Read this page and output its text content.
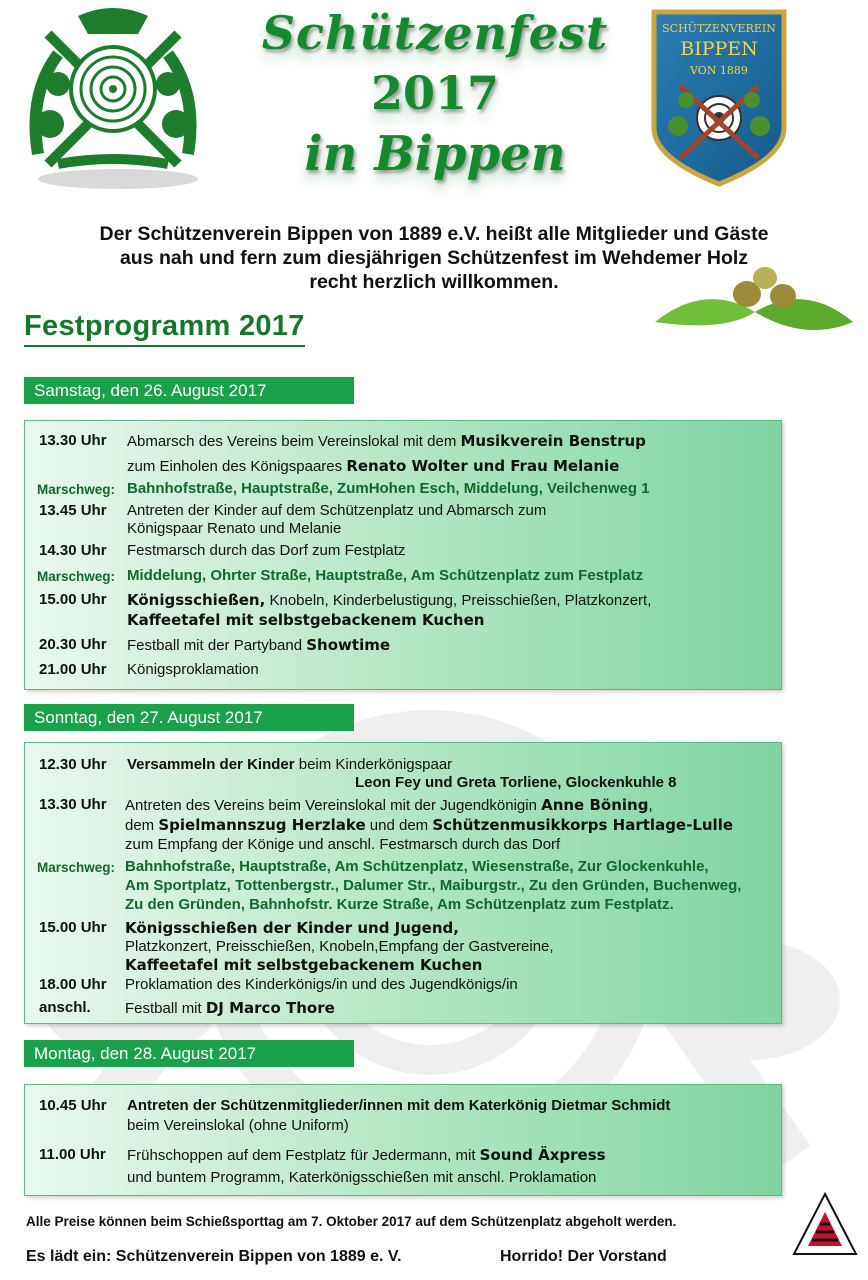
Schützenfest
2017
in Bippen
SCHÜTZENVEREIN
BIPPEN
VON 1889
Der Schützenverein Bippen von 1889 e.V. heißt alle Mitglieder und Gäste
aus nah und fern zum diesjährigen Schützenfest im Wehdemer Holz
recht herzlich willkommen.
Festprogramm 2017
Samstag, den 26. August 2017
13.30 Uhr Abmarsch des Vereins beim Vereinslokal mit dem Musikverein Benstrup
zum Einholen des Königspaares Renato Wolter und Frau Melanie
Marschweg: Bahnhofstraße, Hauptstraße, ZumHohen Esch, Middelung, Veilchenweg 1
13.45 Uhr Antreten der Kinder auf dem Schützenplatz und Abmarsch zum
Königspaar Renato und Melanie
14.30 Uhr Festmarsch durch das Dorf zum Festplatz
Marschweg: Middelung, Ohrter Straße, Hauptstraße, Am Schützenplatz zum Festplatz
15.00 Uhr Königsschießen, Knobeln, Kinderbelustigung, Preisschießen, Platzkonzert,
Kaffeetafel mit selbstgebackenem Kuchen
20.30 Uhr Festball mit der Partyband Showtime
21.00 Uhr Königsproklamation
Sonntag, den 27. August 2017
12.30 Uhr Versammeln der Kinder beim Kinderkönigspaar
Leon Fey und Greta Torliene, Glockenkuhle 8
13.30 Uhr Antreten des Vereins beim Vereinslokal mit der Jugendkönigin Anne Böning,
dem Spielmannszug Herzlake und dem Schützenmusikkorps Hartlage-Lulle
zum Empfang der Könige und anschl. Festmarsch durch das Dorf
Marschweg: Bahnhofstraße, Hauptstraße, Am Schützenplatz, Wiesenstraße, Zur Glockenkuhle,
Am Sportplatz, Tottenbergstr., Dalumer Str., Maiburgstr., Zu den Gründen, Buchenweg,
Zu den Gründen, Bahnhofstr. Kurze Straße, Am Schützenplatz zum Festplatz.
15.00 Uhr Königsschießen der Kinder und Jugend,
Platzkonzert, Preisschießen, Knobeln,Empfang der Gastvereine,
Kaffeetafel mit selbstgebackenem Kuchen
18.00 Uhr Proklamation des Kinderkönigs/in und des Jugendkönigs/in
anschl. Festball mit DJ Marco Thore
Montag, den 28. August 2017
10.45 Uhr Antreten der Schützenmitglieder/innen mit dem Katerkönig Dietmar Schmidt
beim Vereinslokal (ohne Uniform)
11.00 Uhr Frühschoppen auf dem Festplatz für Jedermann, mit Sound Äxpress
und buntem Programm, Katerkönigsschießen mit anschl. Proklamation
Alle Preise können beim Schießsporttag am 7. Oktober 2017 auf dem Schützenplatz abgeholt werden.
Es lädt ein: Schützenverein Bippen von 1889 e. V.	Horrido! Der Vorstand
